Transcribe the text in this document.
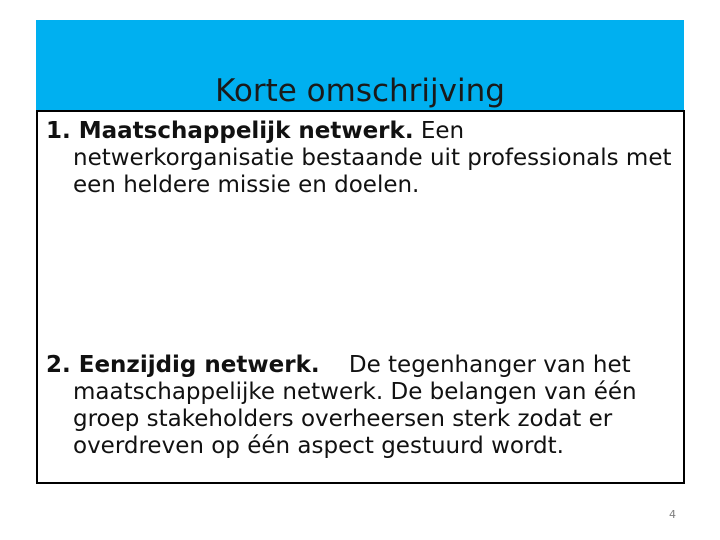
Korte omschrijving
1. Maatschappelijk netwerk. Een netwerkorganisatie bestaande uit professionals met een heldere missie en doelen.
2. Eenzijdig netwerk.    De tegenhanger van het maatschappelijke netwerk. De belangen van één groep stakeholders overheersen sterk zodat er overdreven op één aspect gestuurd wordt.
4
